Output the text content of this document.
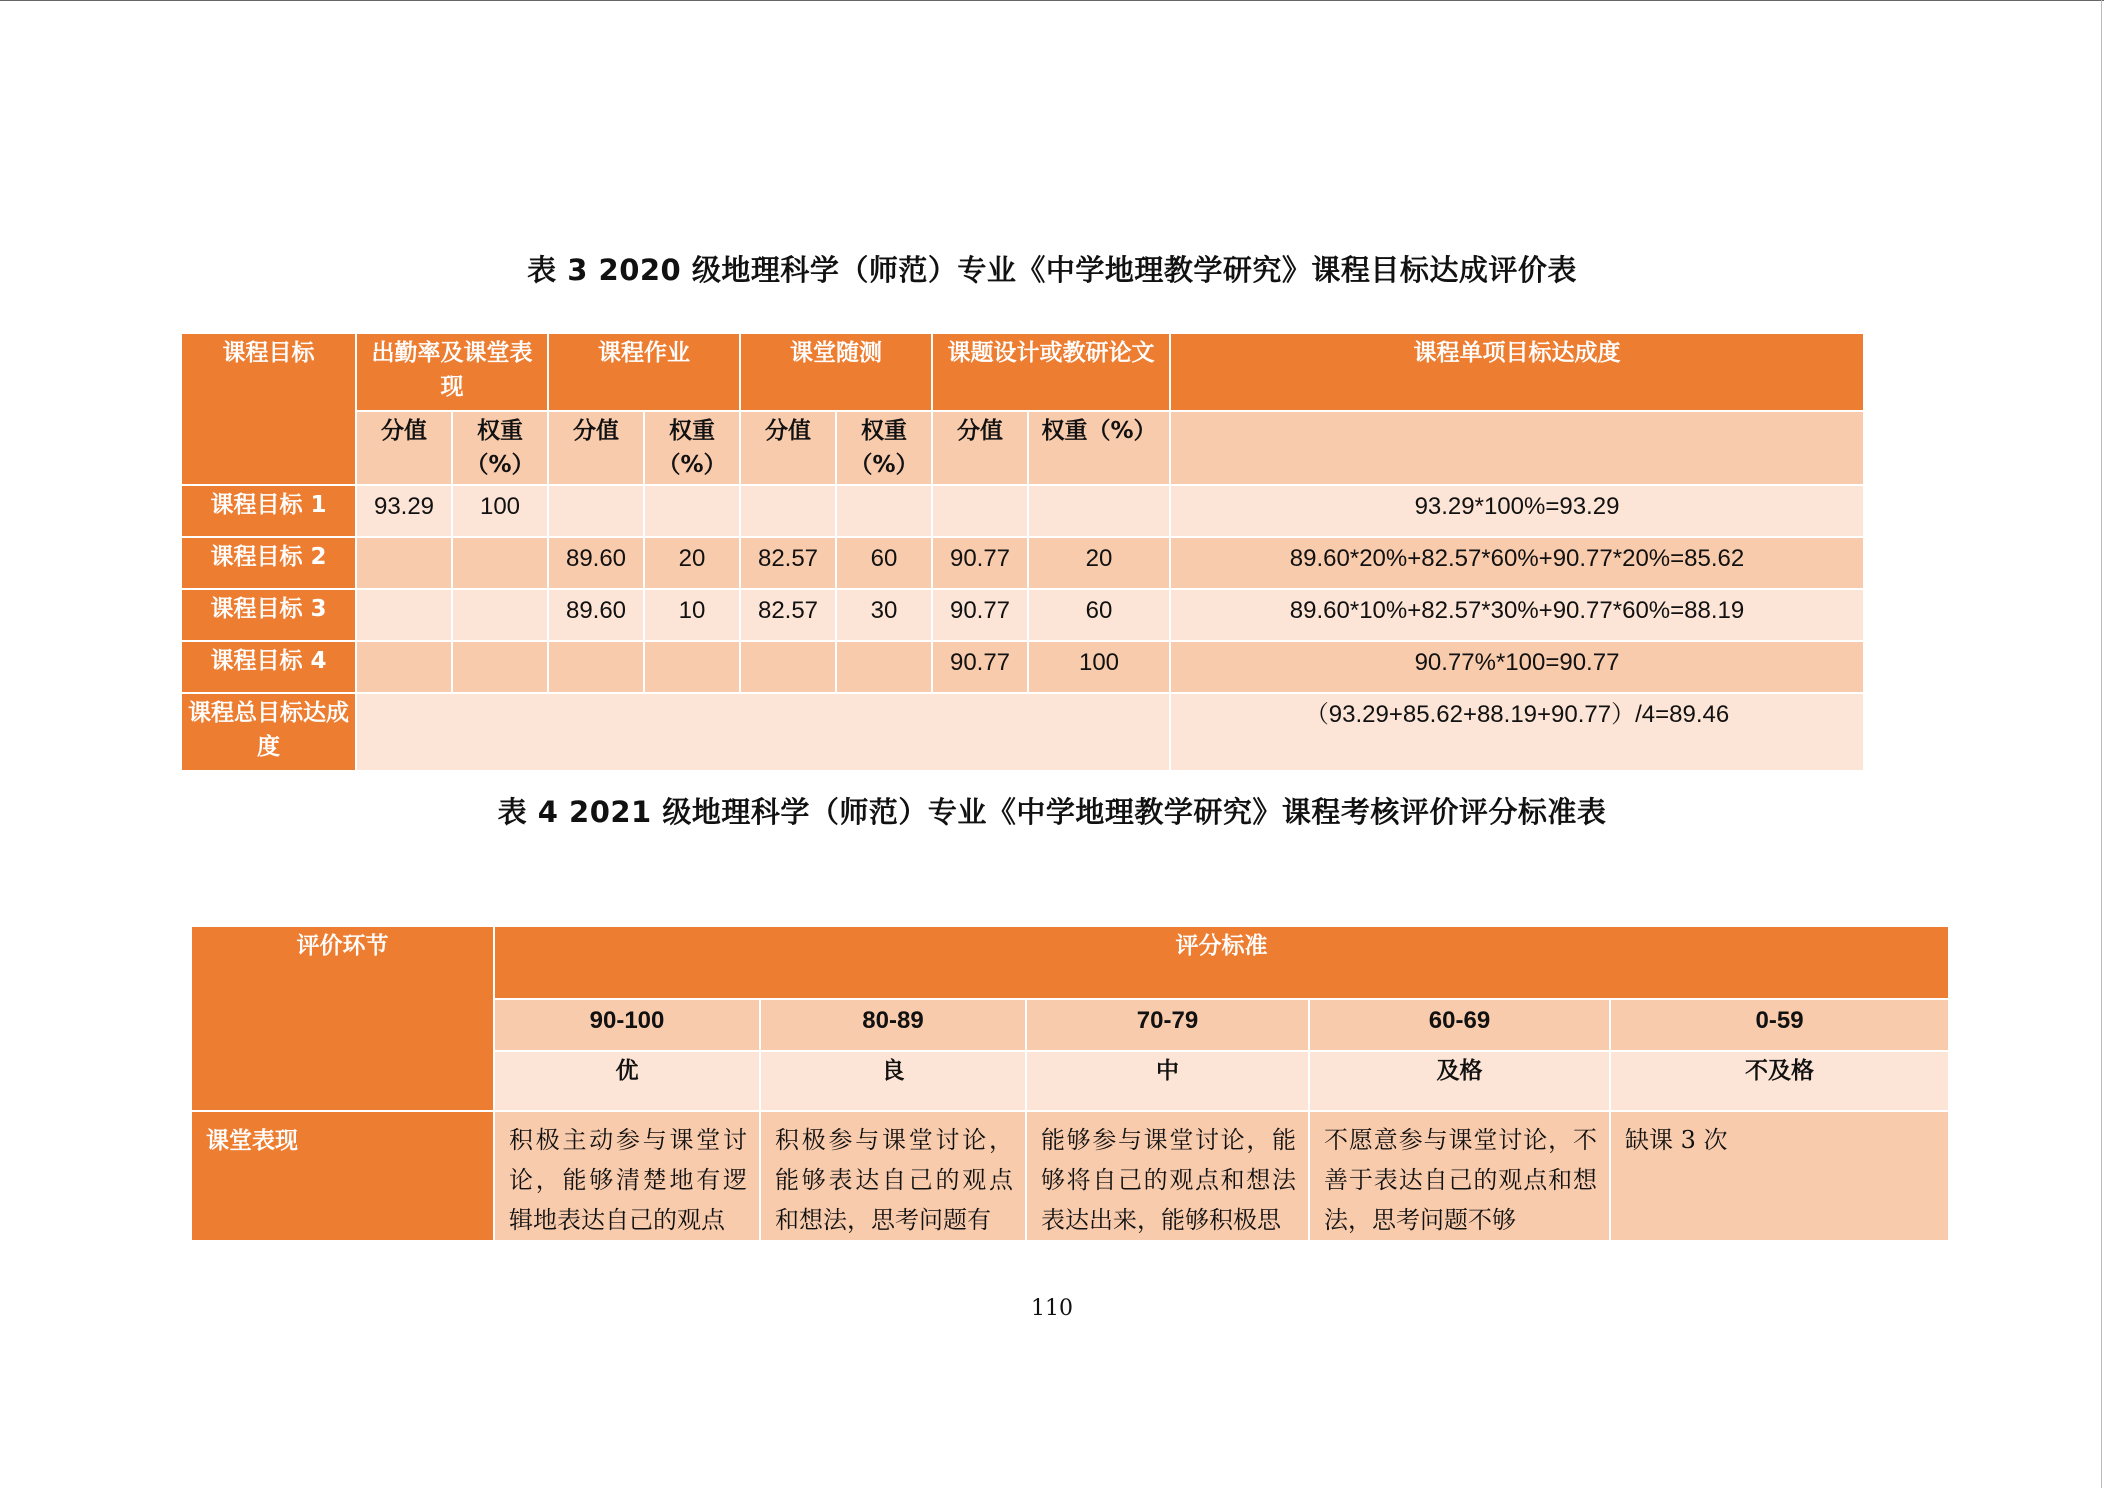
表 3 2020 级地理科学（师范）专业《中学地理教学研究》课程目标达成评价表
课程目标	出勤率及课堂表现		课程作业		课堂随测		课题设计或教研论文		课程单项目标达成度
	分值	权重（%）	分值	权重（%）	分值	权重（%）	分值	权重（%）	
课程目标 1	93.29	100							93.29*100%=93.29
课程目标 2			89.60	20	82.57	60	90.77	20	89.60*20%+82.57*60%+90.77*20%=85.62
课程目标 3			89.60	10	82.57	30	90.77	60	89.60*10%+82.57*30%+90.77*60%=88.19
课程目标 4							90.77	100	90.77%*100=90.77
课程总目标达成度									（93.29+85.62+88.19+90.77）/4=89.46
表 4 2021 级地理科学（师范）专业《中学地理教学研究》课程考核评价评分标准表
评价环节	评分标准				
	90-100	80-89	70-79	60-69	0-59
	优	良	中	及格	不及格
课堂表现	积极主动参与课堂讨论，能够清楚地有逻辑地表达自己的观点	积极参与课堂讨论，能够表达自己的观点和想法，思考问题有	能够参与课堂讨论，能够将自己的观点和想法表达出来，能够积极思	不愿意参与课堂讨论，不善于表达自己的观点和想法，思考问题不够	缺课 3 次
110
